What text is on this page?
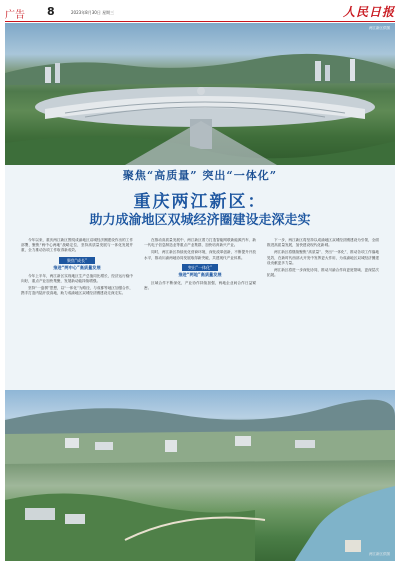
广告 8	2023年8月30日 星期三	人民日报
两江新区供图
聚焦“高质量” 突出“一体化”
重庆两江新区：
助力成渝地区双城经济圈建设走深走实

今年以来，重庆两江新区围绕成渝地区双城经济圈建设作出的工作部署，聚焦“两中心两地”战略定位，坚持高质量发展与一体化发展并重，全力推动各项工作取得新成效。

聚焦“成长”
推进“两中心”高质量发展

今年上半年，两江新区实现地区生产总值同比增长，经济运行稳中向好，重点产业加快集聚，发展新动能持续增强。

坚持“一盘棋”思想，以“一体化”为路径，与成都等地区加强合作，携手打造内陆开放高地，助力成渝地区双城经济圈建设走深走实。

在推动高质量发展中，两江新区着力打造智能网联新能源汽车、新一代电子信息制造业等重点产业集群，加快培育新兴产业。

同时，两江新区持续优化营商环境，深化改革创新，不断提升开放水平，推动川渝两地协同发展取得新突破，共建现代产业体系。

突出“一体化”
推进“两地”高质量发展

区域合作不断深化，产业协作持续加强，两地企业间合作日益紧密。

下一步，两江新区将坚持以成渝地区双城经济圈建设为引领，全面推进高质量发展，加快建设现代化新城。

两江新区将继续聚焦“高质量”、突出“一体化”，推动各项工作落地见效，在新时代西部大开发中发挥更大作用，为成渝地区双城经济圈建设贡献更多力量。

两江新区将进一步深化协同，推动川渝合作向更宽领域、更深层次拓展。

两江新区供图
